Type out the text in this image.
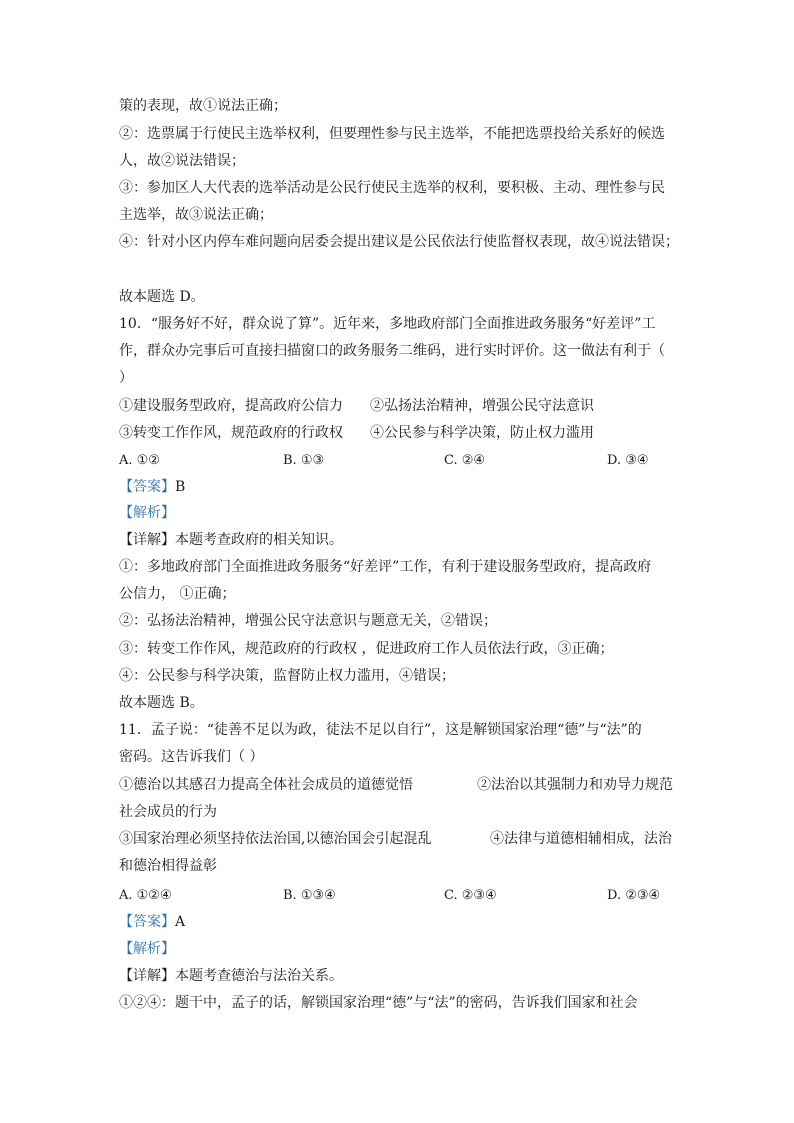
策的表现，故①说法正确；
②：选票属于行使民主选举权利，但要理性参与民主选举，不能把选票投给关系好的候选
人，故②说法错误；
③：参加区人大代表的选举活动是公民行使民主选举的权利，要积极、主动、理性参与民
主选举，故③说法正确；
④：针对小区内停车难问题向居委会提出建议是公民依法行使监督权表现，故④说法错误；
故本题选 D。
10．“服务好不好，群众说了算”。近年来，多地政府部门全面推进政务服务“好差评”工
作，群众办完事后可直接扫描窗口的政务服务二维码，进行实时评价。这一做法有利于（
）
①建设服务型政府，提高政府公信力	②弘扬法治精神，增强公民守法意识
③转变工作作风，规范政府的行政权	④公民参与科学决策，防止权力滥用
A. ①②	B. ①③	C. ②④	D. ③④
【答案】B
【解析】
【详解】本题考查政府的相关知识。
①：多地政府部门全面推进政务服务“好差评”工作，有利于建设服务型政府，提高政府
公信力， ①正确；
②：弘扬法治精神，增强公民守法意识与题意无关，②错误；
③：转变工作作风，规范政府的行政权 ，促进政府工作人员依法行政，③正确；
④：公民参与科学决策，监督防止权力滥用，④错误；
故本题选 B。
11．孟子说：“徒善不足以为政，徒法不足以自行”，这是解锁国家治理“德”与“法”的
密码。这告诉我们（ ）
①德治以其感召力提高全体社会成员的道德觉悟	②法治以其强制力和劝导力规范
社会成员的行为
③国家治理必须坚持依法治国,以德治国会引起混乱	④法律与道德相辅相成，法治
和德治相得益彰
A. ①②④	B. ①③④	C. ②③④	D. ②③④
【答案】A
【解析】
【详解】本题考查德治与法治关系。
①②④：题干中，孟子的话，解锁国家治理“德”与“法”的密码，告诉我们国家和社会
